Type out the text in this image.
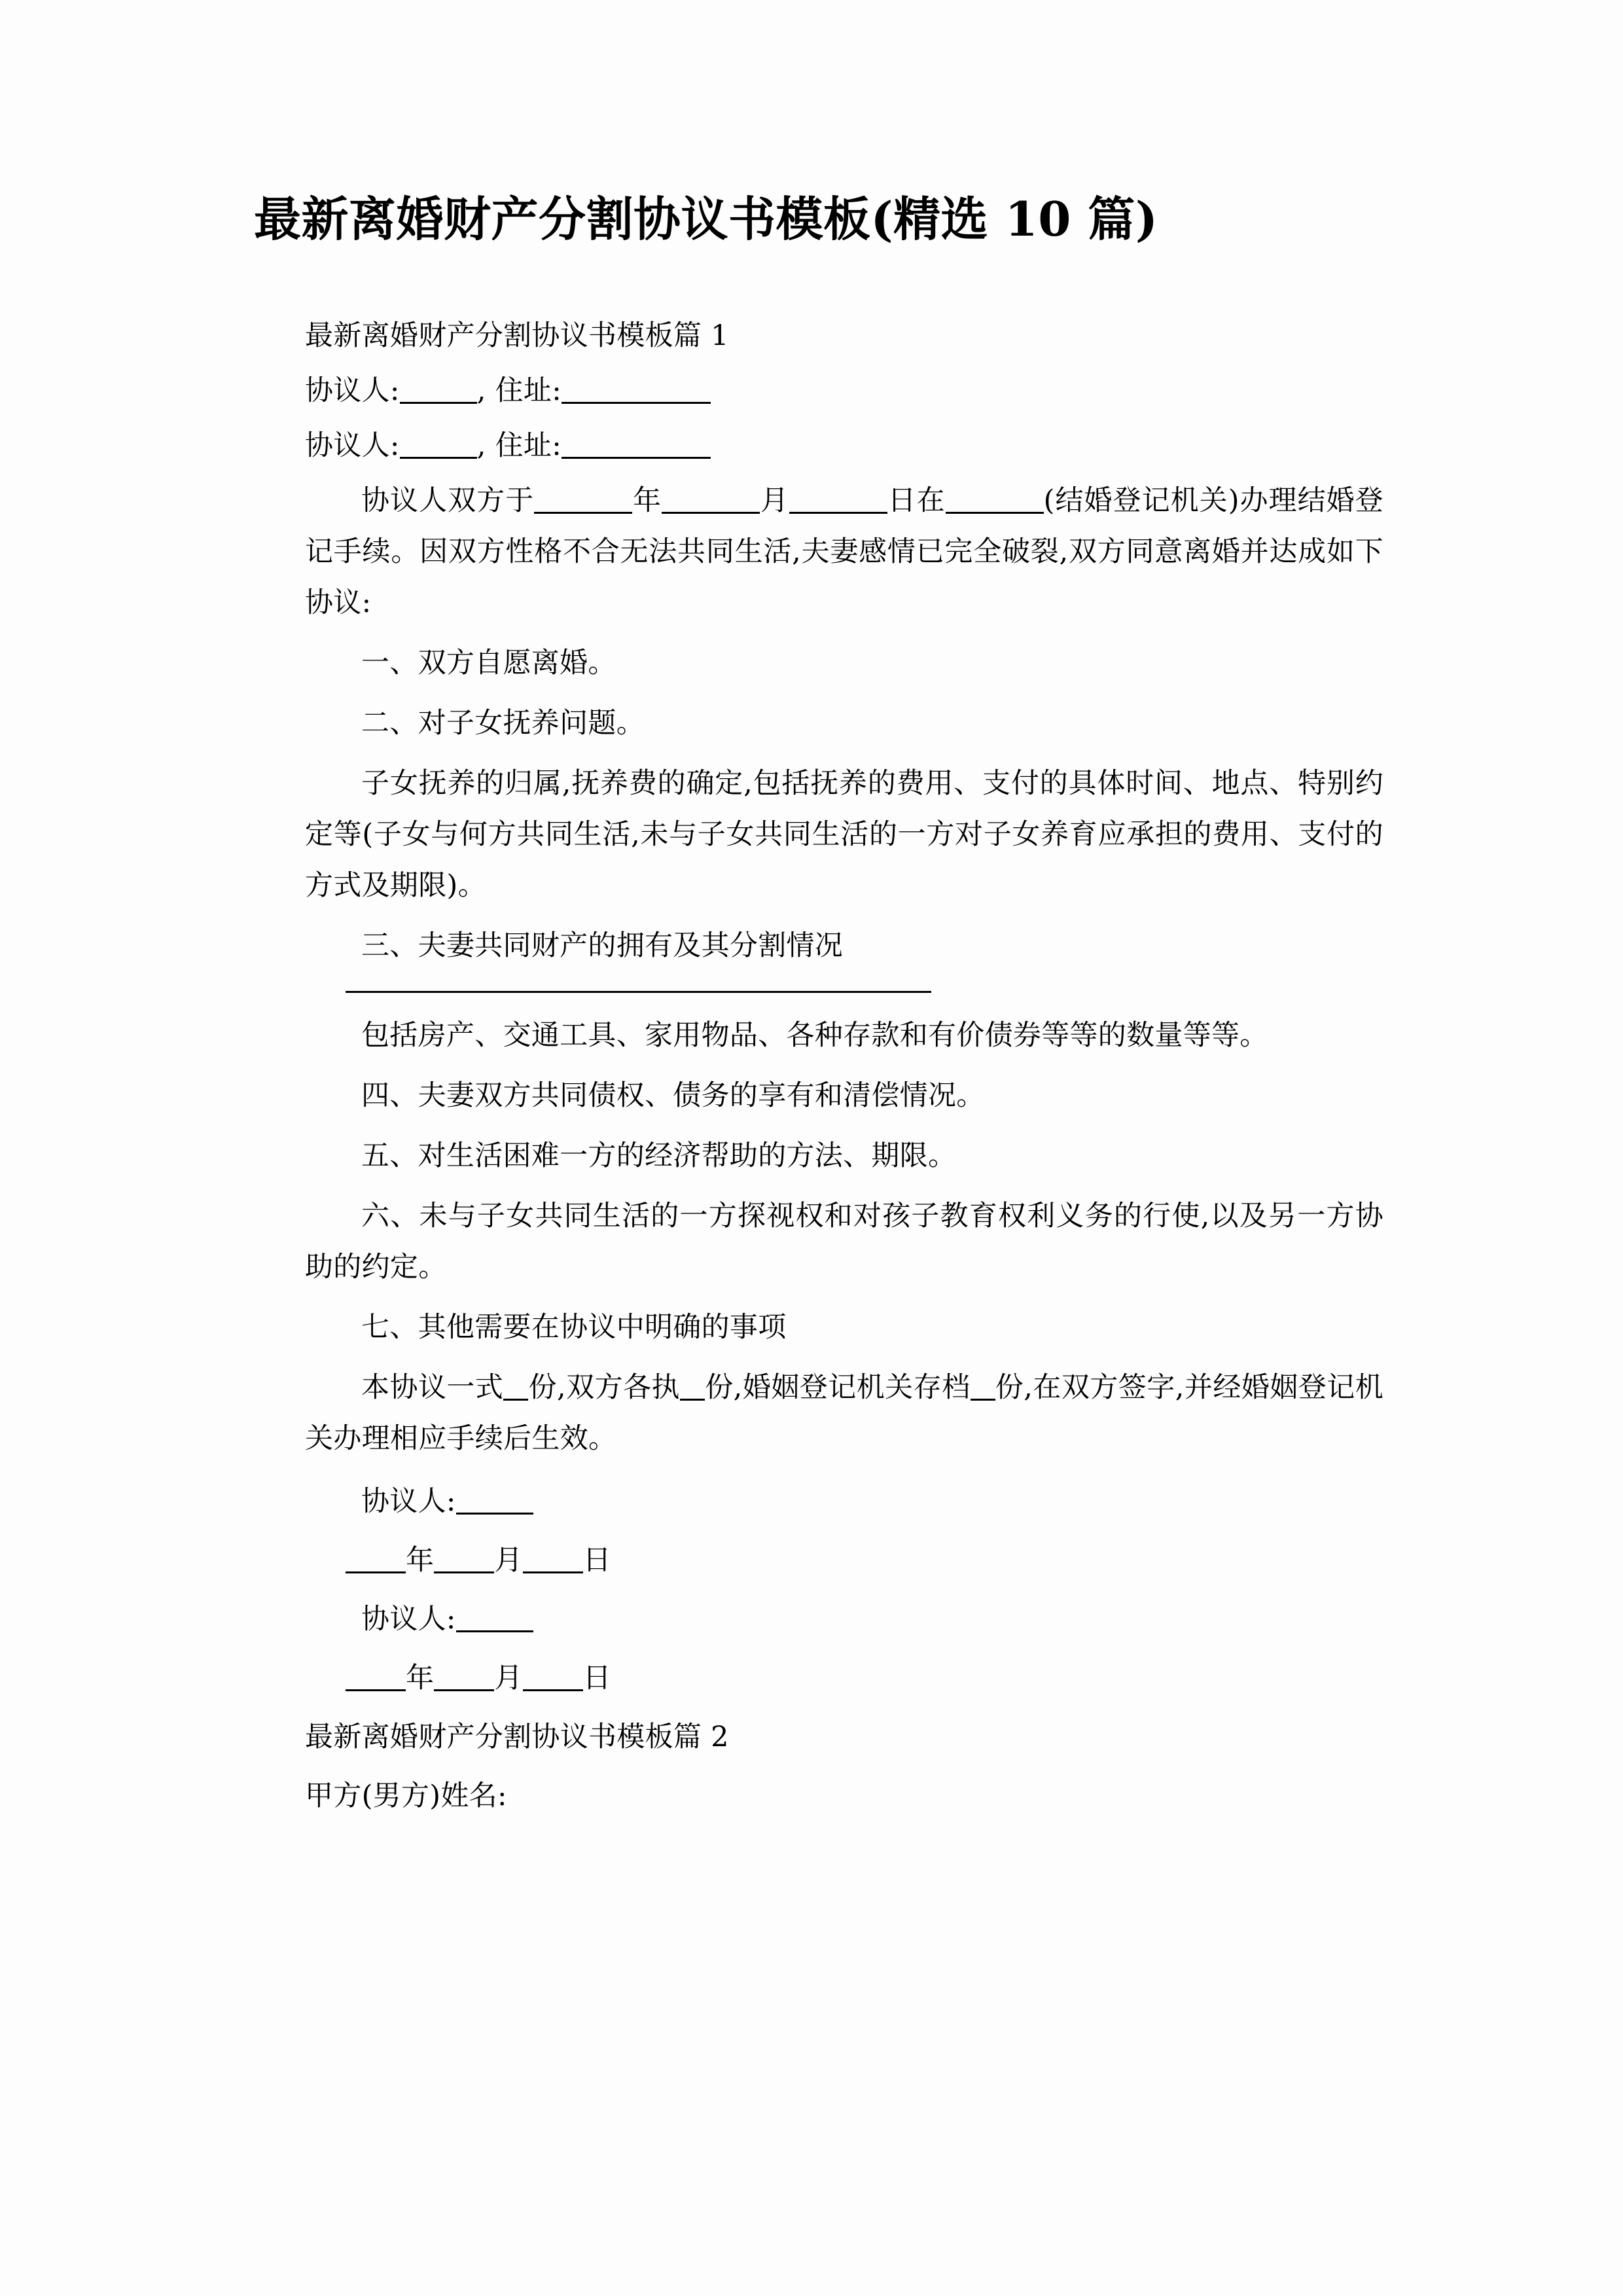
最新离婚财产分割协议书模板(精选 10 篇)

最新离婚财产分割协议书模板篇 1

协议人:	, 住址:

协议人:	, 住址:

协议人双方于	年	月	日在	(结婚登记机关)办理结婚登记手续。因双方性格不合无法共同生活,夫妻感情已完全破裂,双方同意离婚并达成如下协议:

一、双方自愿离婚。

二、对子女抚养问题。

子女抚养的归属,抚养费的确定,包括抚养的费用、支付的具体时间、地点、特别约定等(子女与何方共同生活,未与子女共同生活的一方对子女养育应承担的费用、支付的方式及期限)。

三、夫妻共同财产的拥有及其分割情况

包括房产、交通工具、家用物品、各种存款和有价债券等等的数量等等。

四、夫妻双方共同债权、债务的享有和清偿情况。

五、对生活困难一方的经济帮助的方法、期限。

六、未与子女共同生活的一方探视权和对孩子教育权利义务的行使,以及另一方协助的约定。

七、其他需要在协议中明确的事项

本协议一式 份,双方各执 份,婚姻登记机关存档 份,在双方签字,并经婚姻登记机关办理相应手续后生效。

协议人:

年 月 日

协议人:

年 月 日

最新离婚财产分割协议书模板篇 2

甲方(男方)姓名:
